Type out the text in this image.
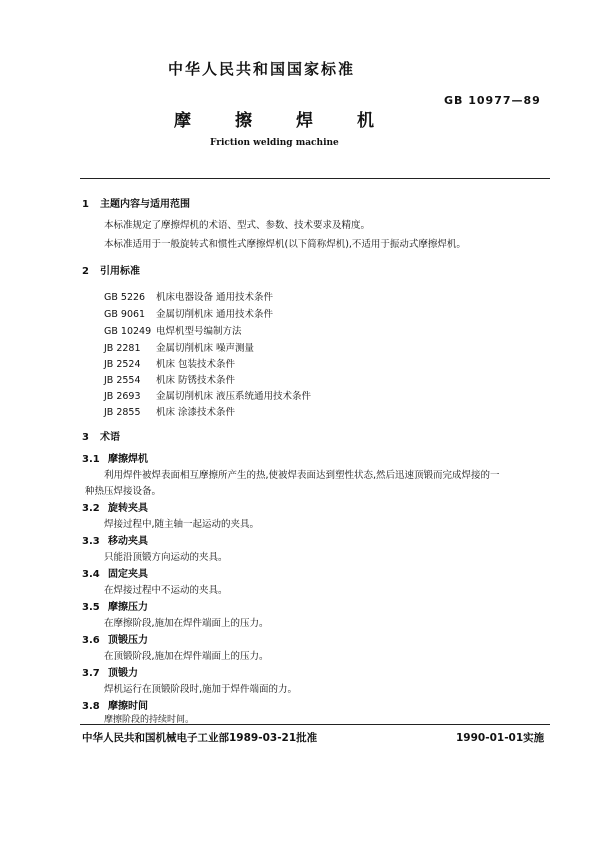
中华人民共和国国家标准
GB 10977—89
摩	擦	焊	机
Friction welding machine
1 主题内容与适用范围
本标准规定了摩擦焊机的术语、型式、参数、技术要求及精度。
本标准适用于一般旋转式和惯性式摩擦焊机(以下简称焊机),不适用于振动式摩擦焊机。
2 引用标准
GB 5226 机床电器设备 通用技术条件
GB 9061 金属切削机床 通用技术条件
GB 10249 电焊机型号编制方法
JB 2281 金属切削机床 噪声测量
JB 2524 机床 包装技术条件
JB 2554 机床 防锈技术条件
JB 2693 金属切削机床 液压系统通用技术条件
JB 2855 机床 涂漆技术条件
3 术语
3.1 摩擦焊机
利用焊件被焊表面相互摩擦所产生的热,使被焊表面达到塑性状态,然后迅速顶锻而完成焊接的一
种热压焊接设备。
3.2 旋转夹具
焊接过程中,随主轴一起运动的夹具。
3.3 移动夹具
只能沿顶锻方向运动的夹具。
3.4 固定夹具
在焊接过程中不运动的夹具。
3.5 摩擦压力
在摩擦阶段,施加在焊件端面上的压力。
3.6 顶锻压力
在顶锻阶段,施加在焊件端面上的压力。
3.7 顶锻力
焊机运行在顶锻阶段时,施加于焊件端面的力。
3.8 摩擦时间
摩擦阶段的持续时间。
中华人民共和国机械电子工业部1989-03-21批准	1990-01-01实施
